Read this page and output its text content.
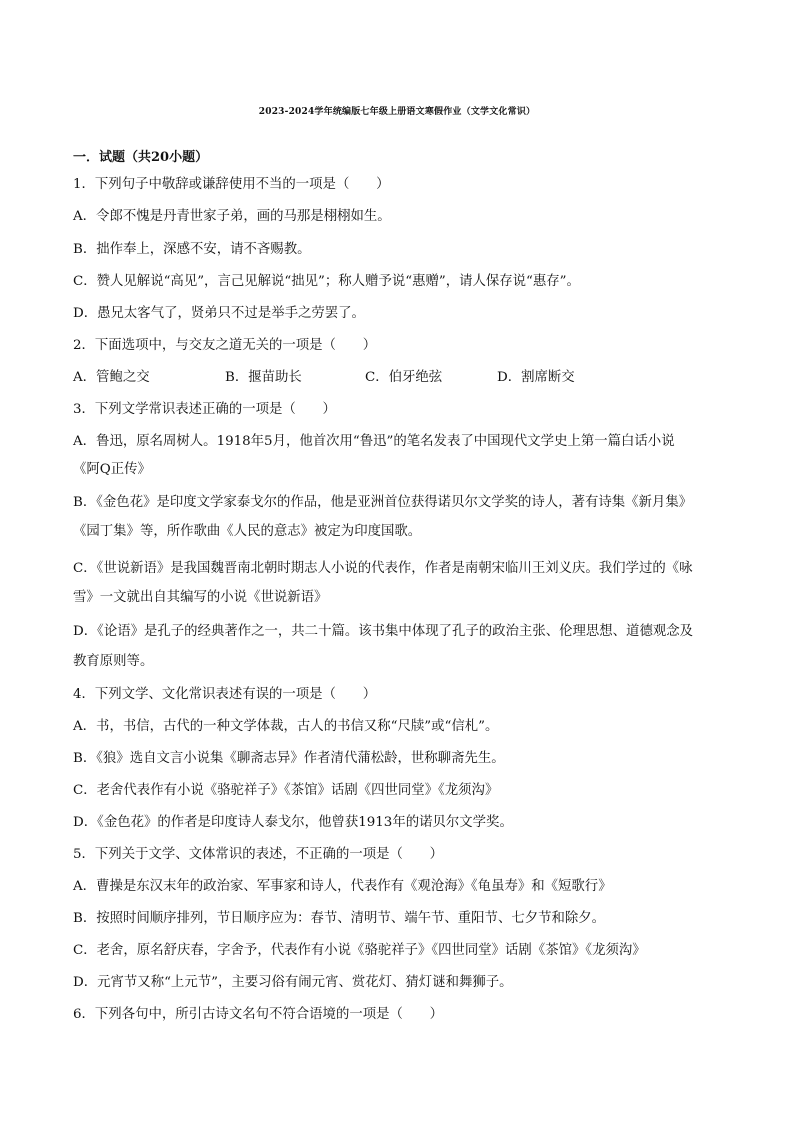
2023-2024学年统编版七年级上册语文寒假作业（文学文化常识）
一．试题（共20小题）
1．下列句子中敬辞或谦辞使用不当的一项是（　　）
A．令郎不愧是丹青世家子弟，画的马那是栩栩如生。
B．拙作奉上，深感不安，请不吝赐教。
C．赞人见解说“高见”，言己见解说“拙见”；称人赠予说“惠赠”，请人保存说“惠存”。
D．愚兄太客气了，贤弟只不过是举手之劳罢了。
2．下面选项中，与交友之道无关的一项是（　　）
A．管鲍之交	B．揠苗助长	C．伯牙绝弦	D．割席断交
3．下列文学常识表述正确的一项是（　　）
A．鲁迅，原名周树人。1918年5月，他首次用“鲁迅”的笔名发表了中国现代文学史上第一篇白话小说
《阿Q正传》
B．《金色花》是印度文学家泰戈尔的作品，他是亚洲首位获得诺贝尔文学奖的诗人，著有诗集《新月集》
《园丁集》等，所作歌曲《人民的意志》被定为印度国歌。
C．《世说新语》是我国魏晋南北朝时期志人小说的代表作，作者是南朝宋临川王刘义庆。我们学过的《咏
雪》一文就出自其编写的小说《世说新语》
D．《论语》是孔子的经典著作之一，共二十篇。该书集中体现了孔子的政治主张、伦理思想、道德观念及
教育原则等。
4．下列文学、文化常识表述有误的一项是（　　）
A．书，书信，古代的一种文学体裁，古人的书信又称“尺牍”或“信札”。
B．《狼》选自文言小说集《聊斋志异》作者清代蒲松龄，世称聊斋先生。
C．老舍代表作有小说《骆驼祥子》《茶馆》话剧《四世同堂》《龙须沟》
D．《金色花》的作者是印度诗人泰戈尔，他曾获1913年的诺贝尔文学奖。
5．下列关于文学、文体常识的表述，不正确的一项是（　　）
A．曹操是东汉末年的政治家、军事家和诗人，代表作有《观沧海》《龟虽寿》和《短歌行》
B．按照时间顺序排列，节日顺序应为：春节、清明节、端午节、重阳节、七夕节和除夕。
C．老舍，原名舒庆春，字舍予，代表作有小说《骆驼祥子》《四世同堂》话剧《茶馆》《龙须沟》
D．元宵节又称“上元节”，主要习俗有闹元宵、赏花灯、猜灯谜和舞狮子。
6．下列各句中，所引古诗文名句不符合语境的一项是（　　）
